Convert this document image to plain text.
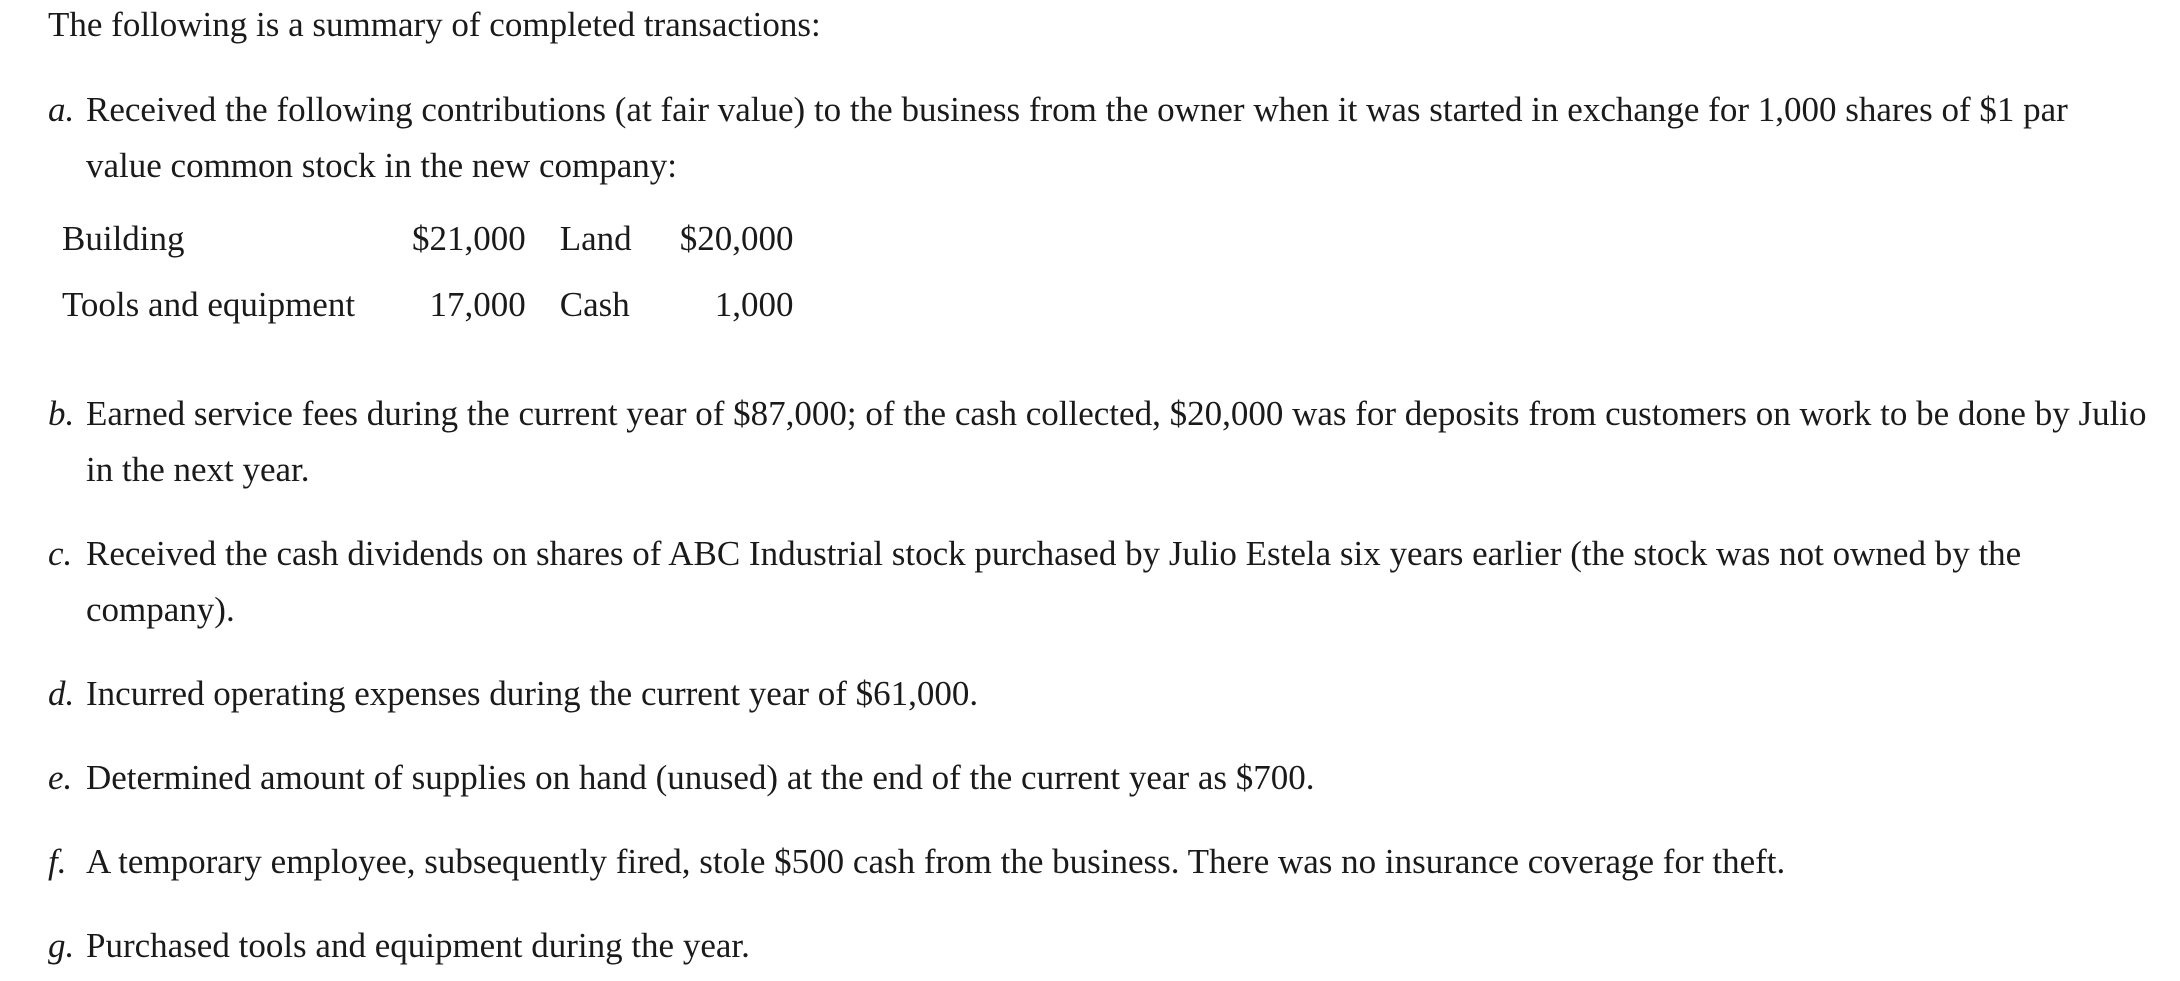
The following is a summary of completed transactions:
a. Received the following contributions (at fair value) to the business from the owner when it was started in exchange for 1,000 shares of $1 par value common stock in the new company:
Building	$21,000	Land	$20,000
Tools and equipment	17,000	Cash	1,000
b. Earned service fees during the current year of $87,000; of the cash collected, $20,000 was for deposits from customers on work to be done by Julio in the next year.
c. Received the cash dividends on shares of ABC Industrial stock purchased by Julio Estela six years earlier (the stock was not owned by the company).
d. Incurred operating expenses during the current year of $61,000.
e. Determined amount of supplies on hand (unused) at the end of the current year as $700.
f. A temporary employee, subsequently fired, stole $500 cash from the business. There was no insurance coverage for theft.
g. Purchased tools and equipment during the year.
